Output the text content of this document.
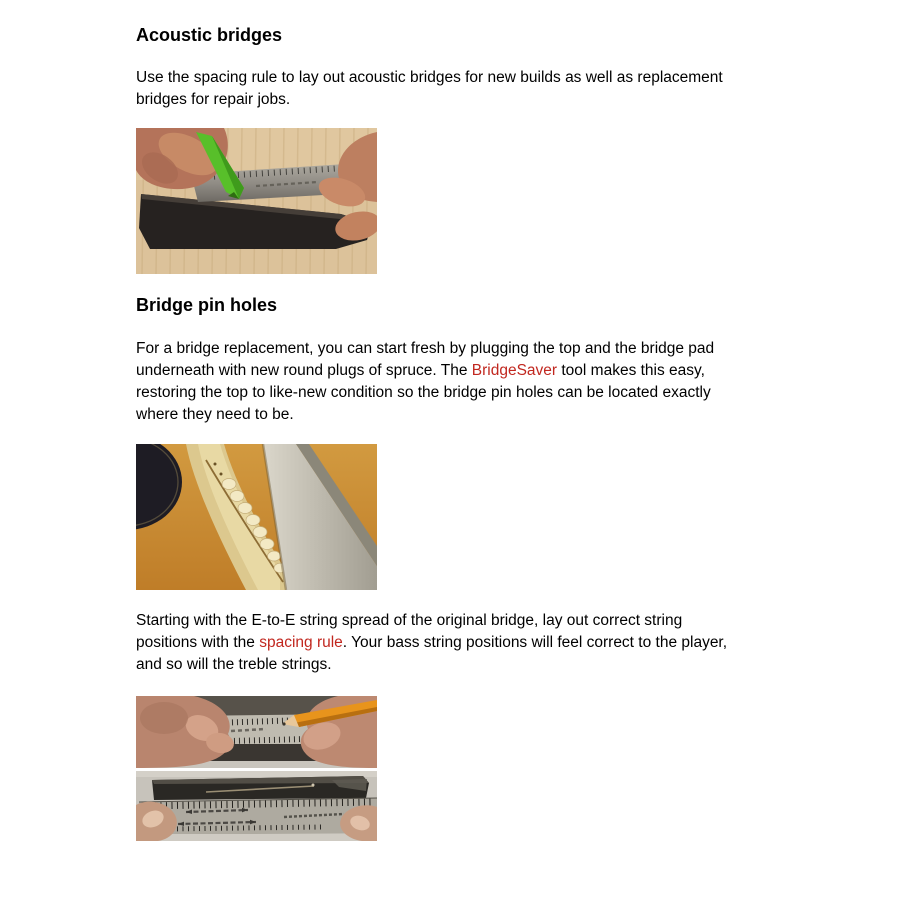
Acoustic bridges

Use the spacing rule to lay out acoustic bridges for new builds as well as replacement
bridges for repair jobs.

Bridge pin holes

For a bridge replacement, you can start fresh by plugging the top and the bridge pad
underneath with new round plugs of spruce. The BridgeSaver tool makes this easy,
restoring the top to like-new condition so the bridge pin holes can be located exactly
where they need to be.

Starting with the E-to-E string spread of the original bridge, lay out correct string
positions with the spacing rule. Your bass string positions will feel correct to the player,
and so will the treble strings.
